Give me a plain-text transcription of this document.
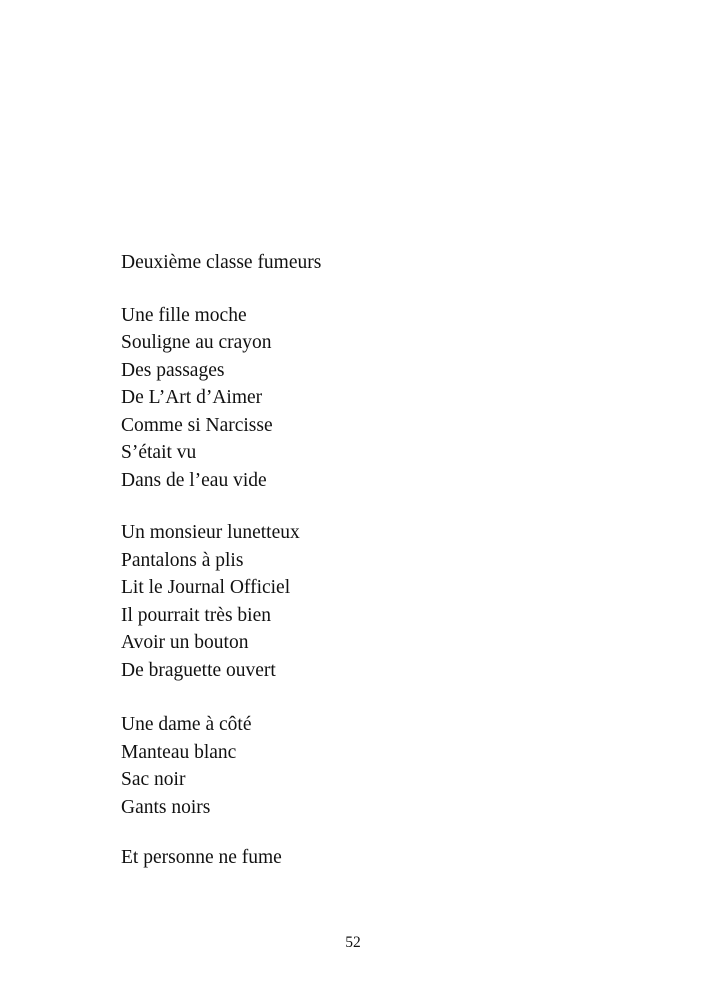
Deuxième classe fumeurs
Une fille moche
Souligne au crayon
Des passages
De L’Art d’Aimer
Comme si Narcisse
S’était vu
Dans de l’eau vide
Un monsieur lunetteux
Pantalons à plis
Lit le Journal Officiel
Il pourrait très bien
Avoir un bouton
De braguette ouvert
Une dame à côté
Manteau blanc
Sac noir
Gants noirs
Et personne ne fume
52
